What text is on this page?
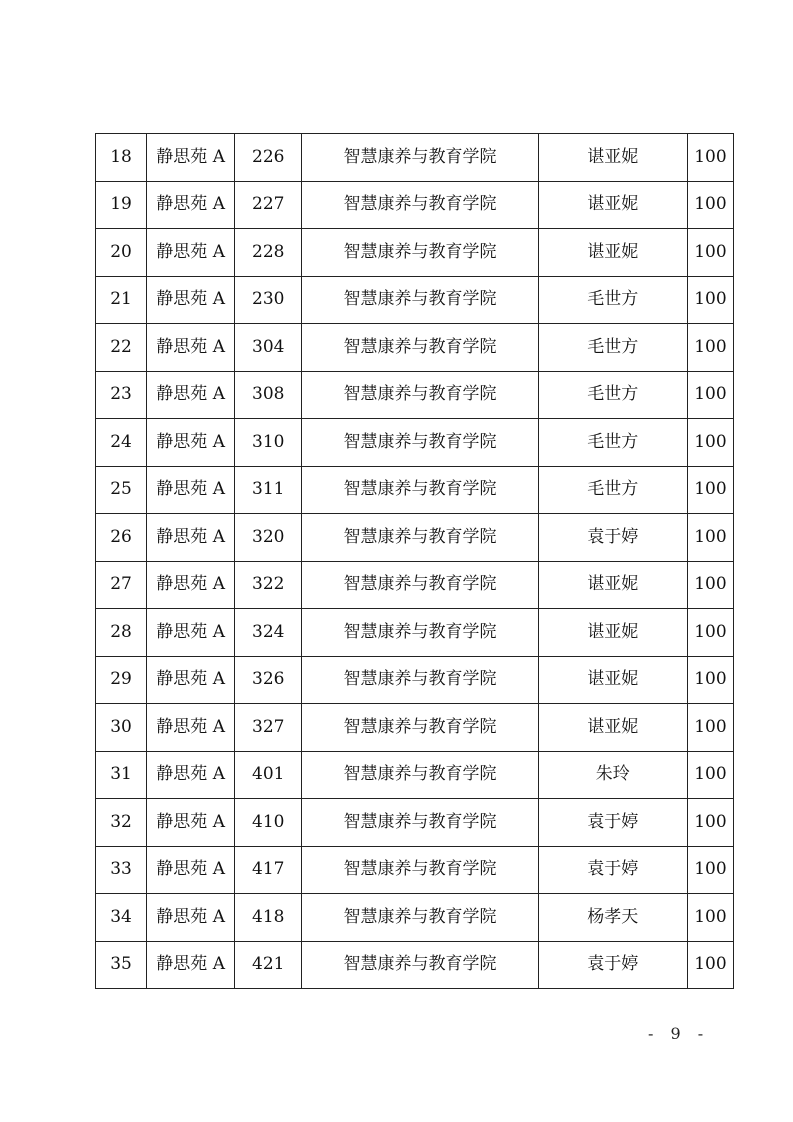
18	静思苑 A	226	智慧康养与教育学院	谌亚妮	100
19	静思苑 A	227	智慧康养与教育学院	谌亚妮	100
20	静思苑 A	228	智慧康养与教育学院	谌亚妮	100
21	静思苑 A	230	智慧康养与教育学院	毛世方	100
22	静思苑 A	304	智慧康养与教育学院	毛世方	100
23	静思苑 A	308	智慧康养与教育学院	毛世方	100
24	静思苑 A	310	智慧康养与教育学院	毛世方	100
25	静思苑 A	311	智慧康养与教育学院	毛世方	100
26	静思苑 A	320	智慧康养与教育学院	袁于婷	100
27	静思苑 A	322	智慧康养与教育学院	谌亚妮	100
28	静思苑 A	324	智慧康养与教育学院	谌亚妮	100
29	静思苑 A	326	智慧康养与教育学院	谌亚妮	100
30	静思苑 A	327	智慧康养与教育学院	谌亚妮	100
31	静思苑 A	401	智慧康养与教育学院	朱玲	100
32	静思苑 A	410	智慧康养与教育学院	袁于婷	100
33	静思苑 A	417	智慧康养与教育学院	袁于婷	100
34	静思苑 A	418	智慧康养与教育学院	杨孝天	100
35	静思苑 A	421	智慧康养与教育学院	袁于婷	100
- 9 -
